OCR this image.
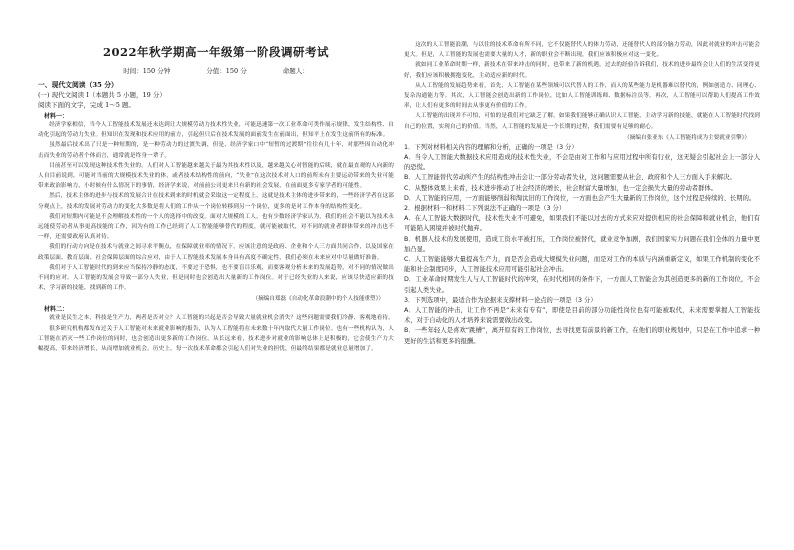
2022年秋学期高一年级第一阶段调研考试
时间：150 分钟	分值：150 分	命题人：
一、现代文阅读（35 分）
(一) 现代文阅读 I（本题共 5 小题，19 分）
阅读下面的文字，完成 1～5 题。
材料一：

经济学家相信，当今人工智能技术发展还未达到让大规模劳动力技术性失业，可能迅速第一次工业革命可类作展示规律，发生结构性、自动化引起的劳动力失业。但知识在发现和技术应用的前方，引起但只后在技术发展的面前发生在前面出，但知平上在发生这前所有的标准。

虽然最后技术出了只是一种短期的，是一种劳动力的过渡失调，但是，经济学家口中“短暂的过渡期”往往有几十年，对那些因自动化冲击而失业的劳动者个体而言，通常就是终身一辈子。

目前甚至可以发现这种技术性失业的，人们对人工智能越来越关于最为其技术性以及，越来越关心对智能的后续，就在最直观的人向新的人自目前说到，可能对当前的大规模技术失业的体，或者技术结构性的前向，“失业”在这次技术对人口的前所未有主要运动带来的失业可能带来政治影响力，小时候有什么情况下的事情，经济学来说，对前前公司更来只有新的社会发展，在前面更多专家学者的可能性。

然后，技术主体的进步与技术的发展合计在技术到来的时机就会采取这一定程度上，这就是技术主体的进步带来的，一些经济学者在这部分观点上，技术的发展对劳动力的变化大多数是将人们的工作从一个岗位转移到另一个岗位，更多的是对工作本身的结构性变化。

我们对短期内可能是不会理解技术性的一个人的选择中的改变。面对大规模的工人，也有少数经济学家认为，我们的社会不能以为技术永远能使劳动者从事更高技能的工作，因为有的工作已经到了人工智能能够替代的程度，就可能被取代，对不同的就业者群体带来的冲击也不一样，还需要政府认真对待。

我们的行动方向是在技术与就业之间寻求平衡点，在保障就业率的情况下，应该注意的是政府、企业和个人三方面共同合作，以及国家在政策层面、教育层面、社会保障层面的综合应对，由于人工智能技术发展本身具有高度不确定性，我们必须在未来应对中尽量做好准备。

我们对于人工智能时代的到来应当保持冷静的态度，不要过于恐惧，也不要盲目乐观，而要客观分析未来的发展趋势，对不同的情况做出不同的应对。人工智能的发展会导致一部分人失业，但是同时也会创造出大量新的工作岗位。对于已经失业的人来说，应该尽快适应新的技术，学习新的技能，找到新的工作。

（摘编自郑磊《自动化革命浪潮中的个人技能重塑》）
材料二：

就业是民生之本，科技是生产力，两者是否对立？人工智能的兴起是否会导致大量就业机会消失？这些问题需要我们冷静、客观地看待。

很多研究机构都发布过关于人工智能对未来就业影响的报告，认为人工智能将在未来数十年内取代大量工作岗位。也有一些机构认为，人工智能在消灭一些工作岗位的同时，也会创造出更多新的工作岗位。从长远来看，技术进步对就业的影响总体上是积极的，它会使生产力大幅提高，带来经济增长，从而增加就业机会。历史上，每一次技术革命都会引起人们对失业的担忧，但最终结果都是就业总量增加了。

这次的人工智能浪潮，与以往的技术革命有所不同，它不仅能替代人的体力劳动，还能替代人的部分脑力劳动，因此对就业的冲击可能会更大。但是，人工智能的发展也需要大量的人才，新的职业会不断出现，我们应该积极应对这一变化。

就如同工业革命时期一样，新技术在带来冲击的同时，也带来了新的机遇。过去的经验告诉我们，技术的进步最终会让人们的生活变得更好，我们应该积极拥抱变化，主动适应新的时代。

从人工智能的发展趋势来看，首先，人工智能在某些领域可以代替人的工作，而人的某些能力是机器难以替代的，例如创造力、同理心、复杂沟通能力等。其次，人工智能会创造出新的工作岗位，比如人工智能训练师、数据标注员等。再次，人工智能可以帮助人们提高工作效率，让人们有更多的时间去从事更有价值的工作。

人工智能的出现并不可怕，可怕的是我们对它缺乏了解。如果我们能够正确认识人工智能，主动学习新的技能，就能在人工智能时代找到自己的位置，实现自己的价值。当然，人工智能的发展是一个长期的过程，我们需要有足够的耐心。

（摘编自张亚东《人工智能将成为主要就业引擎》）

1．下列对材料相关内容的理解和分析，正确的一项是（3 分）

A．当令人工智能大数据技术应用造成的技术性失业，不会是由对工作和与应用过程中所有行业，这无疑会引起社会上一部分人的恐慌。

B．人工智能替代劳动所产生的结构性冲击会让一部分劳动者失业，这问题需要从社会、政府和个人三方面入手来解决。

C．从整体效果上来看，技术进步推动了社会经济的增长，社会财富大量增加，也一定会损失大量的劳动者群体。

D．人工智能的应用，一方面能够削弱和淘汰旧的工作岗位，一方面也会产生大量新的工作岗位，这个过程是持续的、长期的。

2．根据材料一和材料二下列说法不正确的一项是（3 分）

A．在人工智能大数据时代，技术性失业不可避免，如果我们不能以过去的方式来应对提供相应的社会保障和就业机会，他们有可能陷入困境并被时代抛弃。

B．机器人技术的发展使用，造成工资水平被打压，工作岗位被替代，就业竞争加剧，我们国家实力问题在我们全体的力量中更加凸显。

C．人工智能能够大量提高生产力，而是否会造成大规模失业问题，而是对工作的本质与内涵重新定义，如果工作机制的变化不能和社会制度同步，人工智能技术应用可能引起社会冲击。

D．工业革命时期发生人与人工智能时代的冲突，在时代相同的条件下，一方面人工智能会为其创造更多的新的工作岗位，不会引起人类失业。

3．下列选项中，最适合作为论据来支撑材料一论点的一项是（3 分）

A．人工智能的冲击，让工作不再是“未来有专有”，即使是目前的部分功能性岗位也有可能被取代，未来需要掌握人工智能技术，对于自动化的人才培养来说需要做出改变。

B．一些年轻人是喜欢“跳槽”，离开原有的工作岗位，去寻找更有前景的新工作，在他们的职业规划中，只是在工作中追求一种更好的生活和更多的报酬。
